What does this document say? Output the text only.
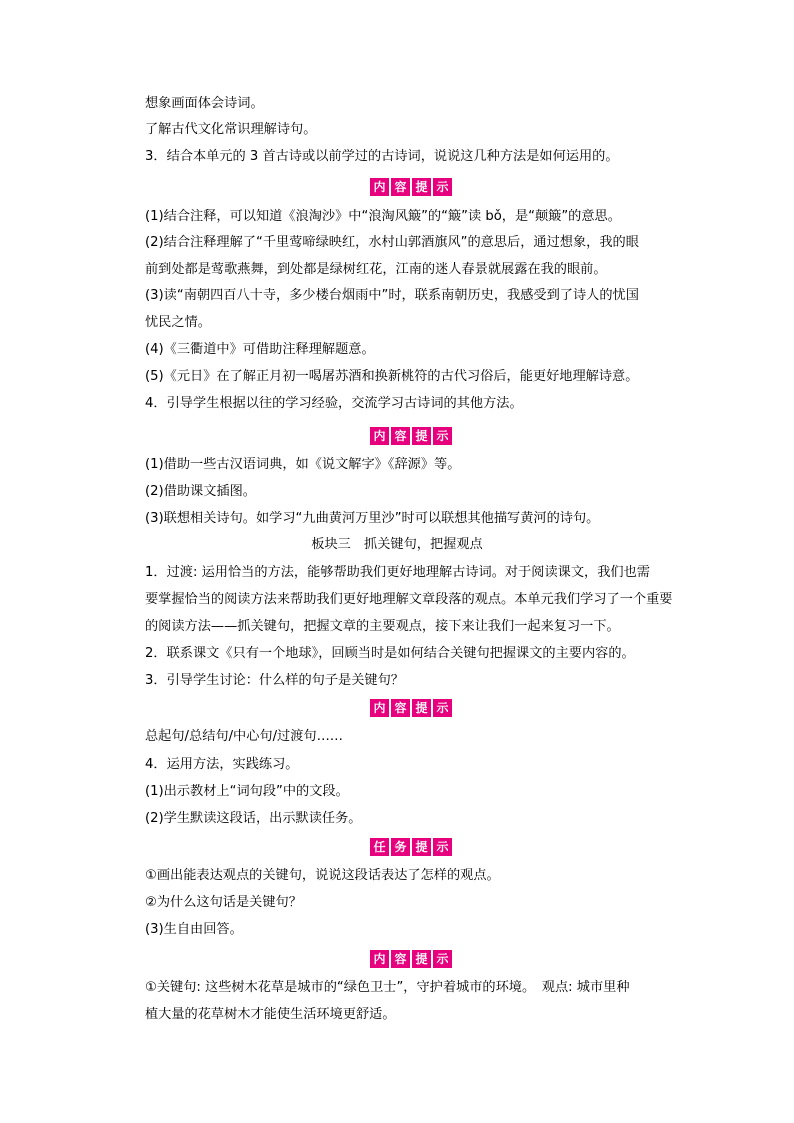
想象画面体会诗词。
了解古代文化常识理解诗句。
3．结合本单元的 3 首古诗或以前学过的古诗词，说说这几种方法是如何运用的。
内 容 提 示
(1)结合注释，可以知道《浪淘沙》中“浪淘风簸”的“簸”读 bǒ，是“颠簸”的意思。
(2)结合注释理解了“千里莺啼绿映红，水村山郭酒旗风”的意思后，通过想象，我的眼
前到处都是莺歌燕舞，到处都是绿树红花，江南的迷人春景就展露在我的眼前。
(3)读“南朝四百八十寺，多少楼台烟雨中”时，联系南朝历史，我感受到了诗人的忧国
忧民之情。
(4)《三衢道中》可借助注释理解题意。
(5)《元日》在了解正月初一喝屠苏酒和换新桃符的古代习俗后，能更好地理解诗意。
4．引导学生根据以往的学习经验，交流学习古诗词的其他方法。
内 容 提 示
(1)借助一些古汉语词典，如《说文解字》《辞源》等。
(2)借助课文插图。
(3)联想相关诗句。如学习“九曲黄河万里沙”时可以联想其他描写黄河的诗句。
板块三　抓关键句，把握观点
1．过渡: 运用恰当的方法，能够帮助我们更好地理解古诗词。对于阅读课文，我们也需
要掌握恰当的阅读方法来帮助我们更好地理解文章段落的观点。本单元我们学习了一个重要
的阅读方法——抓关键句，把握文章的主要观点，接下来让我们一起来复习一下。
2．联系课文《只有一个地球》，回顾当时是如何结合关键句把握课文的主要内容的。
3．引导学生讨论：什么样的句子是关键句？
内 容 提 示
总起句/总结句/中心句/过渡句……
4．运用方法，实践练习。
(1)出示教材上“词句段”中的文段。
(2)学生默读这段话，出示默读任务。
任 务 提 示
①画出能表达观点的关键句，说说这段话表达了怎样的观点。
②为什么这句话是关键句？
(3)生自由回答。
内 容 提 示
①关键句: 这些树木花草是城市的“绿色卫士”，守护着城市的环境。　观点: 城市里种
植大量的花草树木才能使生活环境更舒适。
